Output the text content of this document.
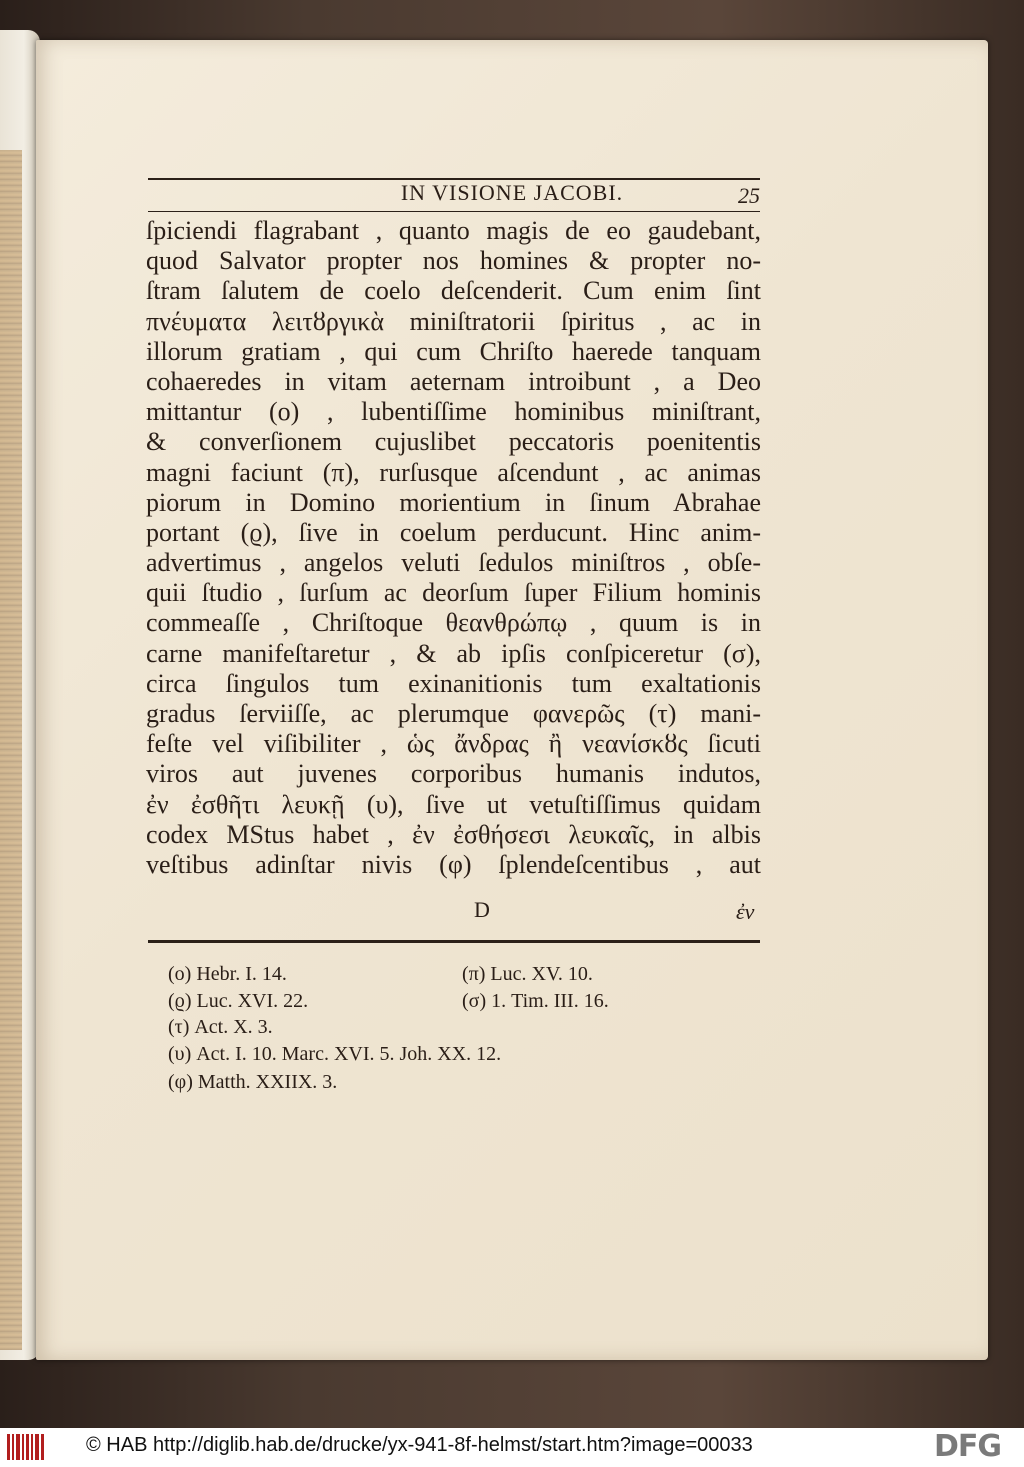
IN VISIONE JACOBI.	25
ſpiciendi flagrabant , quanto magis de eo gaudebant,
quod Salvator propter nos homines & propter no-
ſtram ſalutem de coelo deſcenderit. Cum enim ſint
πνέυματα λειτȣργικὰ miniſtratorii ſpiritus , ac in
illorum gratiam , qui cum Chriſto haerede tanquam
cohaeredes in vitam aeternam introibunt , a Deo
mittantur (ο) , lubentiſſime hominibus miniſtrant,
& converſionem cujuslibet peccatoris poenitentis
magni faciunt (π), rurſusque aſcendunt , ac animas
piorum in Domino morientium in ſinum Abrahae
portant (ϱ), ſive in coelum perducunt. Hinc anim-
advertimus , angelos veluti ſedulos miniſtros , obſe-
quii ſtudio , ſurſum ac deorſum ſuper Filium hominis
commeaſſe , Chriſtoque θεανθρώπῳ , quum is in
carne manifeſtaretur , & ab ipſis conſpiceretur (σ),
circa ſingulos tum exinanitionis tum exaltationis
gradus ſerviiſſe, ac plerumque φανερῶς (τ) mani-
feſte vel viſibiliter , ὡς ἄνδρας ἢ νεανίσκȣς ſicuti
viros aut juvenes corporibus humanis indutos,
ἐν ἐσθῆτι λευκῇ (υ), ſive ut vetuſtiſſimus quidam
codex MStus habet , ἐν ἐσθήσεσι λευκαῖς, in albis
veſtibus adinſtar nivis (φ) ſplendeſcentibus , aut
D	ἐν
(ο) Hebr. I. 14.	(π) Luc. XV. 10.
(ϱ) Luc. XVI. 22.	(σ) 1. Tim. III. 16.
(τ) Act. X. 3.
(υ) Act. I. 10. Marc. XVI. 5. Joh. XX. 12.
(φ) Matth. XXIIX. 3.
© HAB http://diglib.hab.de/drucke/yx-941-8f-helmst/start.htm?image=00033	DFG
